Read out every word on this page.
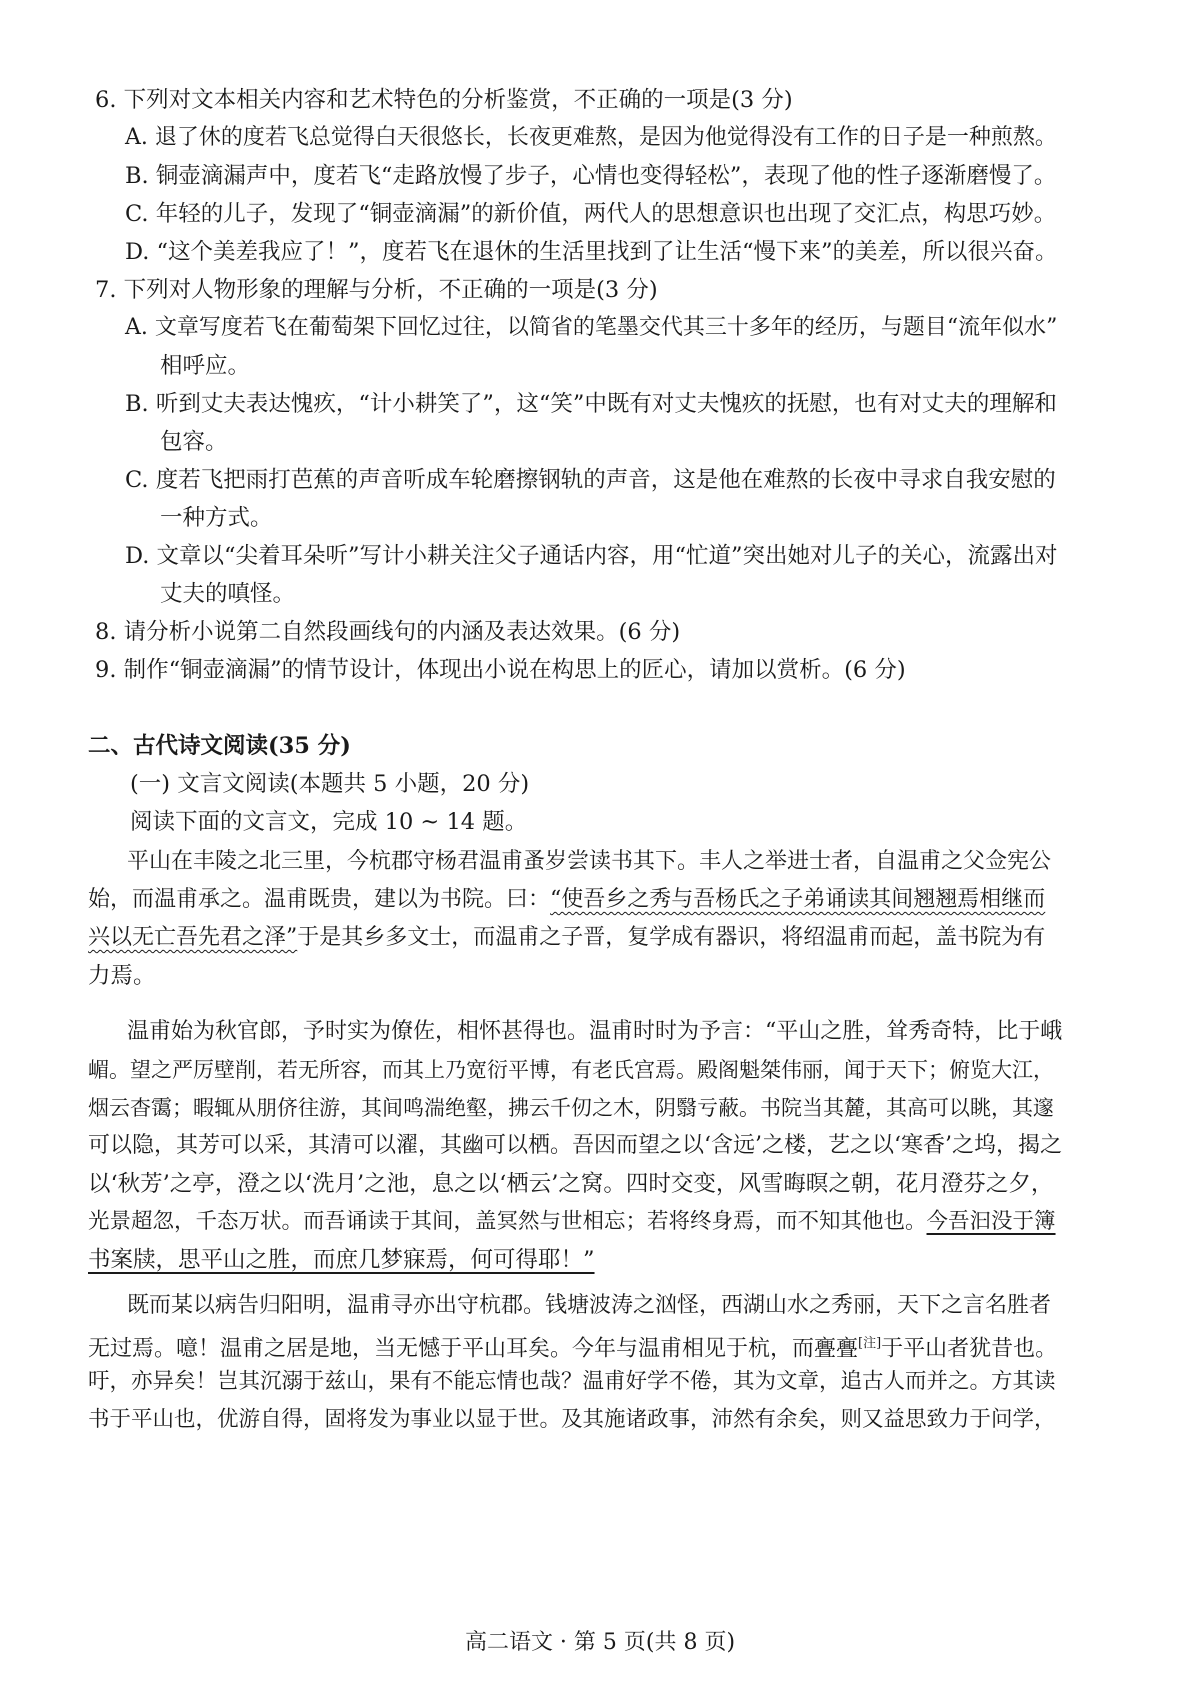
6. 下列对文本相关内容和艺术特色的分析鉴赏，不正确的一项是(3 分)
A. 退了休的度若飞总觉得白天很悠长，长夜更难熬，是因为他觉得没有工作的日子是一种煎熬。
B. 铜壶滴漏声中，度若飞“走路放慢了步子，心情也变得轻松”，表现了他的性子逐渐磨慢了。
C. 年轻的儿子，发现了“铜壶滴漏”的新价值，两代人的思想意识也出现了交汇点，构思巧妙。
D. “这个美差我应了！”，度若飞在退休的生活里找到了让生活“慢下来”的美差，所以很兴奋。
7. 下列对人物形象的理解与分析，不正确的一项是(3 分)
A. 文章写度若飞在葡萄架下回忆过往，以简省的笔墨交代其三十多年的经历，与题目“流年似水”
相呼应。
B. 听到丈夫表达愧疚，“计小耕笑了”，这“笑”中既有对丈夫愧疚的抚慰，也有对丈夫的理解和
包容。
C. 度若飞把雨打芭蕉的声音听成车轮磨擦钢轨的声音，这是他在难熬的长夜中寻求自我安慰的
一种方式。
D. 文章以“尖着耳朵听”写计小耕关注父子通话内容，用“忙道”突出她对儿子的关心，流露出对
丈夫的嗔怪。
8. 请分析小说第二自然段画线句的内涵及表达效果。(6 分)
9. 制作“铜壶滴漏”的情节设计，体现出小说在构思上的匠心，请加以赏析。(6 分)
二、古代诗文阅读(35 分)
(一) 文言文阅读(本题共 5 小题，20 分)
阅读下面的文言文，完成 10 ~ 14 题。
平山在丰陵之北三里，今杭郡守杨君温甫蚤岁尝读书其下。丰人之举进士者，自温甫之父佥宪公
始，而温甫承之。温甫既贵，建以为书院。曰：“使吾乡之秀与吾杨氏之子弟诵读其间翘翘焉相继而
兴以无亡吾先君之泽”于是其乡多文士，而温甫之子晋，复学成有器识，将绍温甫而起，盖书院为有
力焉。
温甫始为秋官郎，予时实为僚佐，相怀甚得也。温甫时时为予言：“平山之胜，耸秀奇特，比于峨
嵋。望之严厉壁削，若无所容，而其上乃宽衍平博，有老氏宫焉。殿阁魁桀伟丽，闻于天下；俯览大江，
烟云杳霭；暇辄从朋侪往游，其间鸣湍绝壑，拂云千仞之木，阴翳亏蔽。书院当其麓，其高可以眺，其邃
可以隐，其芳可以采，其清可以濯，其幽可以栖。吾因而望之以‘含远’之楼，艺之以‘寒香’之坞，揭之
以‘秋芳’之亭，澄之以‘洗月’之池，息之以‘栖云’之窝。四时交变，风雪晦暝之朝，花月澄芬之夕，
光景超忽，千态万状。而吾诵读于其间，盖冥然与世相忘；若将终身焉，而不知其他也。今吾汩没于簿
书案牍，思平山之胜，而庶几梦寐焉，何可得耶！”
既而某以病告归阳明，温甫寻亦出守杭郡。钱塘波涛之汹怪，西湖山水之秀丽，天下之言名胜者
无过焉。噫！温甫之居是地，当无憾于平山耳矣。今年与温甫相见于杭，而亹亹[注]于平山者犹昔也。
吁，亦异矣！岂其沉溺于兹山，果有不能忘情也哉？温甫好学不倦，其为文章，追古人而并之。方其读
书于平山也，优游自得，固将发为事业以显于世。及其施诸政事，沛然有余矣，则又益思致力于问学，
高二语文 · 第 5 页(共 8 页)
